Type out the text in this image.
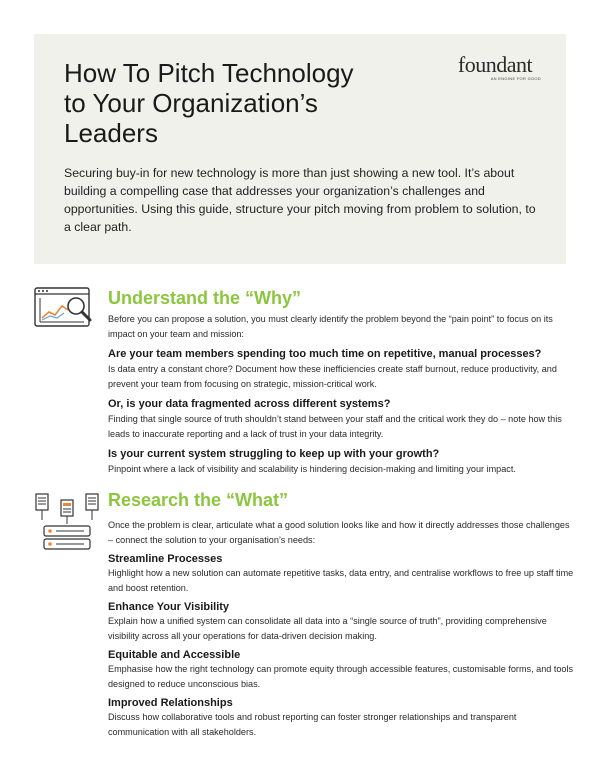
How To Pitch Technology
to Your Organization’s
Leaders
foundant
AN ENGINE FOR GOOD

Securing buy-in for new technology is more than just showing a new tool. It’s about building a compelling case that addresses your organization’s challenges and opportunities. Using this guide, structure your pitch moving from problem to solution, to a clear path.

Understand the “Why”

Before you can propose a solution, you must clearly identify the problem beyond the “pain point” to focus on its impact on your team and mission:

Are your team members spending too much time on repetitive, manual processes?

Is data entry a constant chore? Document how these inefficiencies create staff burnout, reduce productivity, and prevent your team from focusing on strategic, mission-critical work.

Or, is your data fragmented across different systems?

Finding that single source of truth shouldn’t stand between your staff and the critical work they do – note how this leads to inaccurate reporting and a lack of trust in your data integrity.

Is your current system struggling to keep up with your growth?

Pinpoint where a lack of visibility and scalability is hindering decision-making and limiting your impact.

Research the “What”

Once the problem is clear, articulate what a good solution looks like and how it directly addresses those challenges – connect the solution to your organisation’s needs:

Streamline Processes

Highlight how a new solution can automate repetitive tasks, data entry, and centralise workflows to free up staff time and boost retention.

Enhance Your Visibility

Explain how a unified system can consolidate all data into a “single source of truth”, providing comprehensive visibility across all your operations for data-driven decision making.

Equitable and Accessible

Emphasise how the right technology can promote equity through accessible features, customisable forms, and tools designed to reduce unconscious bias.

Improved Relationships

Discuss how collaborative tools and robust reporting can foster stronger relationships and transparent communication with all stakeholders.
